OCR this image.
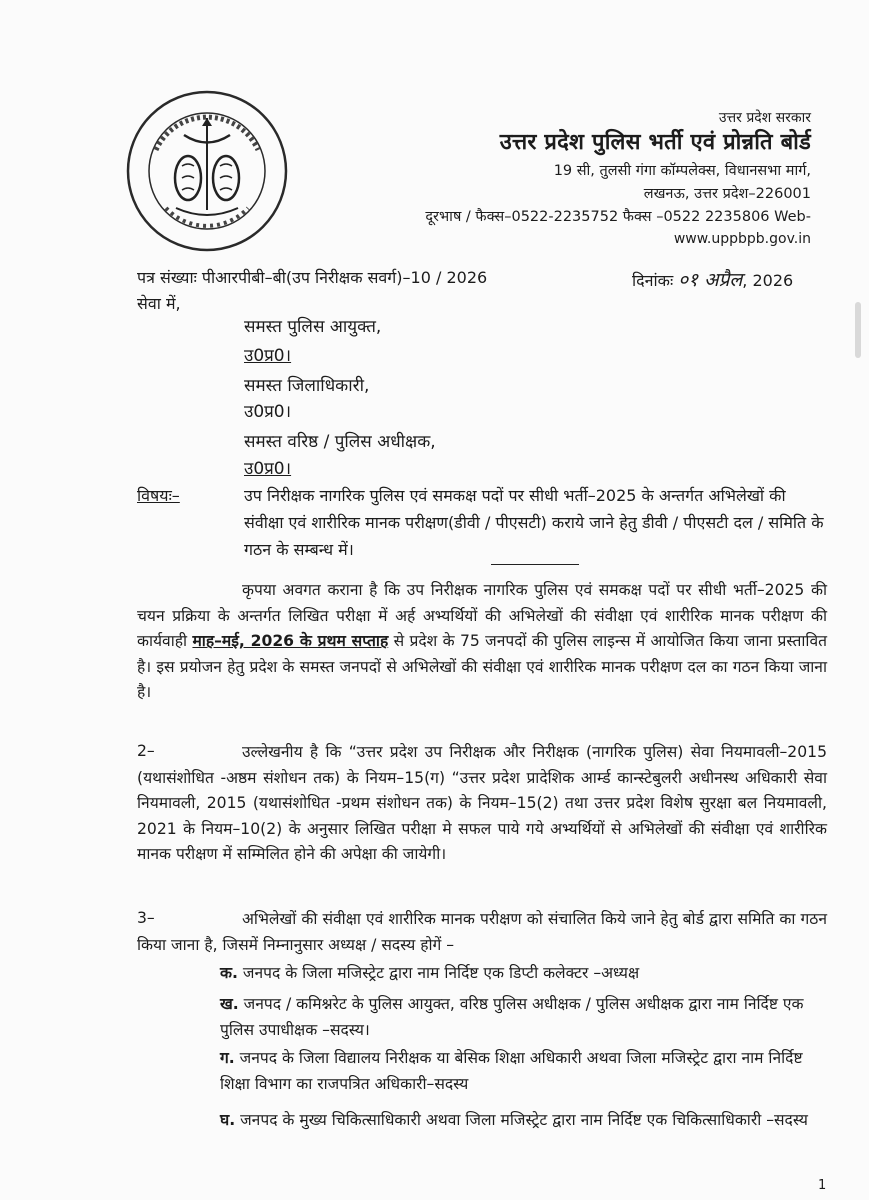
उत्तर प्रदेश सरकार
उत्तर प्रदेश पुलिस भर्ती एवं प्रोन्नति बोर्ड
19 सी, तुलसी गंगा कॉम्पलेक्स, विधानसभा मार्ग,
लखनऊ, उत्तर प्रदेश–226001
दूरभाष / फैक्स–0522-2235752 फैक्स –0522 2235806 Web-
www.uppbpb.gov.in
पत्र संख्याः पीआरपीबी–बी(उप निरीक्षक सवर्ग)–10 / 2026	दिनांकः ०१ अप्रैल, 2026
सेवा में,
समस्त पुलिस आयुक्त,
उ0प्र0।
समस्त जिलाधिकारी,
उ0प्र0।
समस्त वरिष्ठ / पुलिस अधीक्षक,
उ0प्र0।
विषयः–	उप निरीक्षक नागरिक पुलिस एवं समकक्ष पदों पर सीधी भर्ती–2025 के अन्तर्गत अभिलेखों की संवीक्षा एवं शारीरिक मानक परीक्षण(डीवी / पीएसटी) कराये जाने हेतु डीवी / पीएसटी दल / समिति के गठन के सम्बन्ध में।
कृपया अवगत कराना है कि उप निरीक्षक नागरिक पुलिस एवं समकक्ष पदों पर सीधी भर्ती–2025 की चयन प्रक्रिया के अन्तर्गत लिखित परीक्षा में अर्ह अभ्यर्थियों की अभिलेखों की संवीक्षा एवं शारीरिक मानक परीक्षण की कार्यवाही माह–मई, 2026 के प्रथम सप्ताह से प्रदेश के 75 जनपदों की पुलिस लाइन्स में आयोजित किया जाना प्रस्तावित है। इस प्रयोजन हेतु प्रदेश के समस्त जनपदों से अभिलेखों की संवीक्षा एवं शारीरिक मानक परीक्षण दल का गठन किया जाना है।
2–	उल्लेखनीय है कि “उत्तर प्रदेश उप निरीक्षक और निरीक्षक (नागरिक पुलिस) सेवा नियमावली–2015 (यथासंशोधित -अष्ठम संशोधन तक) के नियम–15(ग) “उत्तर प्रदेश प्रादेशिक आर्म्ड कान्स्टेबुलरी अधीनस्थ अधिकारी सेवा नियमावली, 2015 (यथासंशोधित -प्रथम संशोधन तक) के नियम–15(2) तथा उत्तर प्रदेश विशेष सुरक्षा बल नियमावली, 2021 के नियम–10(2) के अनुसार लिखित परीक्षा मे सफल पाये गये अभ्यर्थियों से अभिलेखों की संवीक्षा एवं शारीरिक मानक परीक्षण में सम्मिलित होने की अपेक्षा की जायेगी।
3–	अभिलेखों की संवीक्षा एवं शारीरिक मानक परीक्षण को संचालित किये जाने हेतु बोर्ड द्वारा समिति का गठन किया जाना है, जिसमें निम्नानुसार अध्यक्ष / सदस्य होगें –
क. जनपद के जिला मजिस्ट्रेट द्वारा नाम निर्दिष्ट एक डिप्टी कलेक्टर –अध्यक्ष
ख. जनपद / कमिश्नरेट के पुलिस आयुक्त, वरिष्ठ पुलिस अधीक्षक / पुलिस अधीक्षक द्वारा नाम निर्दिष्ट एक पुलिस उपाधीक्षक –सदस्य।
ग. जनपद के जिला विद्यालय निरीक्षक या बेसिक शिक्षा अधिकारी अथवा जिला मजिस्ट्रेट द्वारा नाम निर्दिष्ट शिक्षा विभाग का राजपत्रित अधिकारी–सदस्य
घ. जनपद के मुख्य चिकित्साधिकारी अथवा जिला मजिस्ट्रेट द्वारा नाम निर्दिष्ट एक चिकित्साधिकारी –सदस्य
1
